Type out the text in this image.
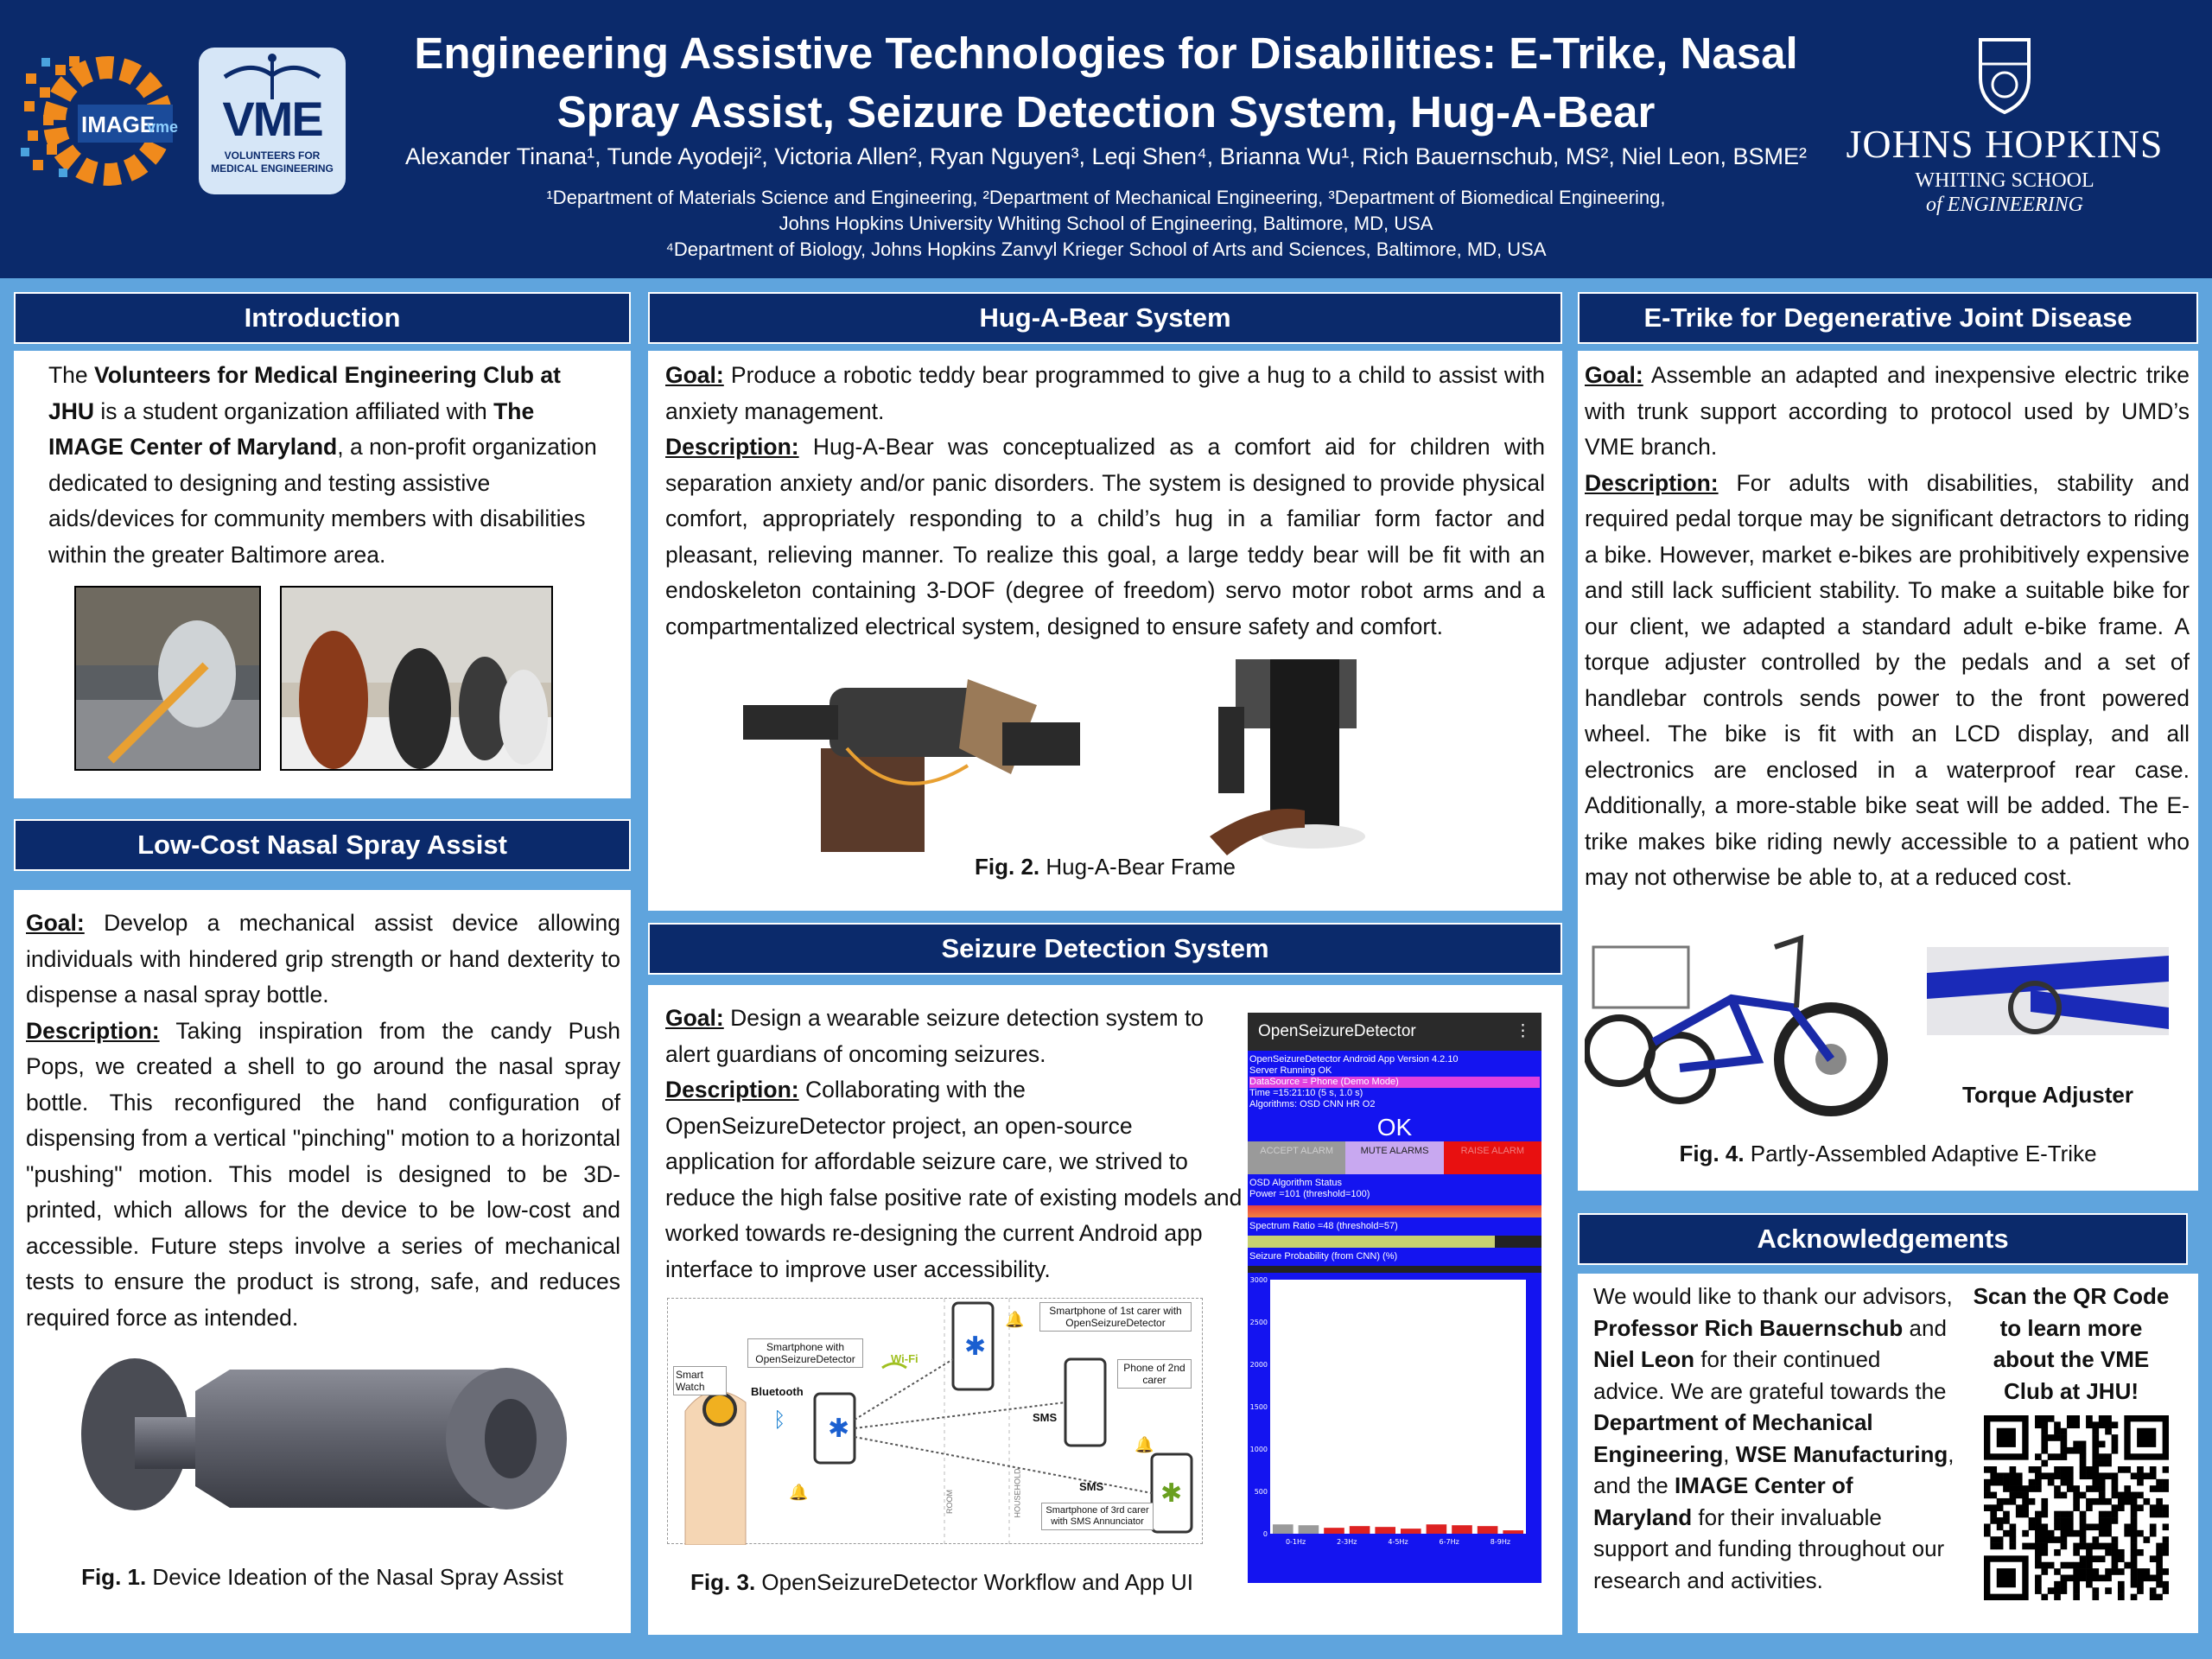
IMAGE
vme VME
VOLUNTEERS FOR
MEDICAL ENGINEERING
Engineering Assistive Technologies for Disabilities: E-Trike, Nasal
Spray Assist, Seizure Detection System, Hug-A-Bear
Alexander Tinana¹, Tunde Ayodeji², Victoria Allen², Ryan Nguyen³, Leqi Shen⁴, Brianna Wu¹, Rich Bauernschub, MS², Niel Leon, BSME²
¹Department of Materials Science and Engineering, ²Department of Mechanical Engineering, ³Department of Biomedical Engineering,
Johns Hopkins University Whiting School of Engineering, Baltimore, MD, USA
⁴Department of Biology, Johns Hopkins Zanvyl Krieger School of Arts and Sciences, Baltimore, MD, USA
JOHNS HOPKINS
WHITING SCHOOL
of ENGINEERING
Introduction
The Volunteers for Medical Engineering Club at JHU is a student organization affiliated with The IMAGE Center of Maryland, a non-profit organization dedicated to designing and testing assistive aids/devices for community members with disabilities within the greater Baltimore area.
Low-Cost Nasal Spray Assist
Goal: Develop a mechanical assist device allowing individuals with hindered grip strength or hand dexterity to dispense a nasal spray bottle.
Description: Taking inspiration from the candy Push Pops, we created a shell to go around the nasal spray bottle. This reconfigured the hand configuration of dispensing from a vertical "pinching" motion to a horizontal "pushing" motion. This model is designed to be 3D-printed, which allows for the device to be low-cost and accessible. Future steps involve a series of mechanical tests to ensure the product is strong, safe, and reduces required force as intended.
Fig. 1. Device Ideation of the Nasal Spray Assist
Hug-A-Bear System
Goal: Produce a robotic teddy bear programmed to give a hug to a child to assist with anxiety management.
Description: Hug-A-Bear was conceptualized as a comfort aid for children with separation anxiety and/or panic disorders. The system is designed to provide physical comfort, appropriately responding to a child’s hug in a familiar form factor and pleasant, relieving manner. To realize this goal, a large teddy bear will be fit with an endoskeleton containing 3-DOF (degree of freedom) servo motor robot arms and a compartmentalized electrical system, designed to ensure safety and comfort.
Fig. 2. Hug-A-Bear Frame
Seizure Detection System
Goal: Design a wearable seizure detection system to alert guardians of oncoming seizures.
Description: Collaborating with the OpenSeizureDetector project, an open-source application for affordable seizure care, we strived to reduce the high false positive rate of existing models and worked towards re-designing the current Android app interface to improve user accessibility.
✱
✱
✱
ᛒ
🔔
🔔
🔔
Smart Watch
Smartphone with OpenSeizureDetector
Bluetooth
Wi-Fi
Smartphone of 1st carer with OpenSeizureDetector
Phone of 2nd carer
Smartphone of 3rd carer with SMS Annunciator
SMS
SMS
ROOM	HOUSEHOLD
Fig. 3. OpenSeizureDetector Workflow and App UI
OpenSeizureDetector	⋮
OpenSeizureDetector Android App Version 4.2.10
Server Running OK
DataSource = Phone (Demo Mode)
Time =15:21:10 (5 s, 1.0 s)
Algorithms: OSD CNN HR O2
OK
ACCEPT ALARM	MUTE ALARMS	RAISE ALARM
OSD Algorithm Status
Power =101 (threshold=100)
Spectrum Ratio =48 (threshold=57)
Seizure Probability (from CNN) (%)
3000
2500
2000
1500
1000
500
0
0-1Hz	2-3Hz	4-5Hz	6-7Hz	8-9Hz
E-Trike for Degenerative Joint Disease
Goal: Assemble an adapted and inexpensive electric trike with trunk support according to protocol used by UMD’s VME branch.
Description: For adults with disabilities, stability and required pedal torque may be significant detractors to riding a bike. However, market e-bikes are prohibitively expensive and still lack sufficient stability. To make a suitable bike for our client, we adapted a standard adult e-bike frame. A torque adjuster controlled by the pedals and a set of handlebar controls sends power to the front powered wheel. The bike is fit with an LCD display, and all electronics are enclosed in a waterproof rear case. Additionally, a more-stable bike seat will be added. The E-trike makes bike riding newly accessible to a patient who may not otherwise be able to, at a reduced cost.
Torque Adjuster
Fig. 4. Partly-Assembled Adaptive E-Trike
Acknowledgements
We would like to thank our advisors, Professor Rich Bauernschub and Niel Leon for their continued advice. We are grateful towards the Department of Mechanical Engineering, WSE Manufacturing, and the IMAGE Center of Maryland for their invaluable support and funding throughout our research and activities.
Scan the QR Code to learn more about the VME Club at JHU!
